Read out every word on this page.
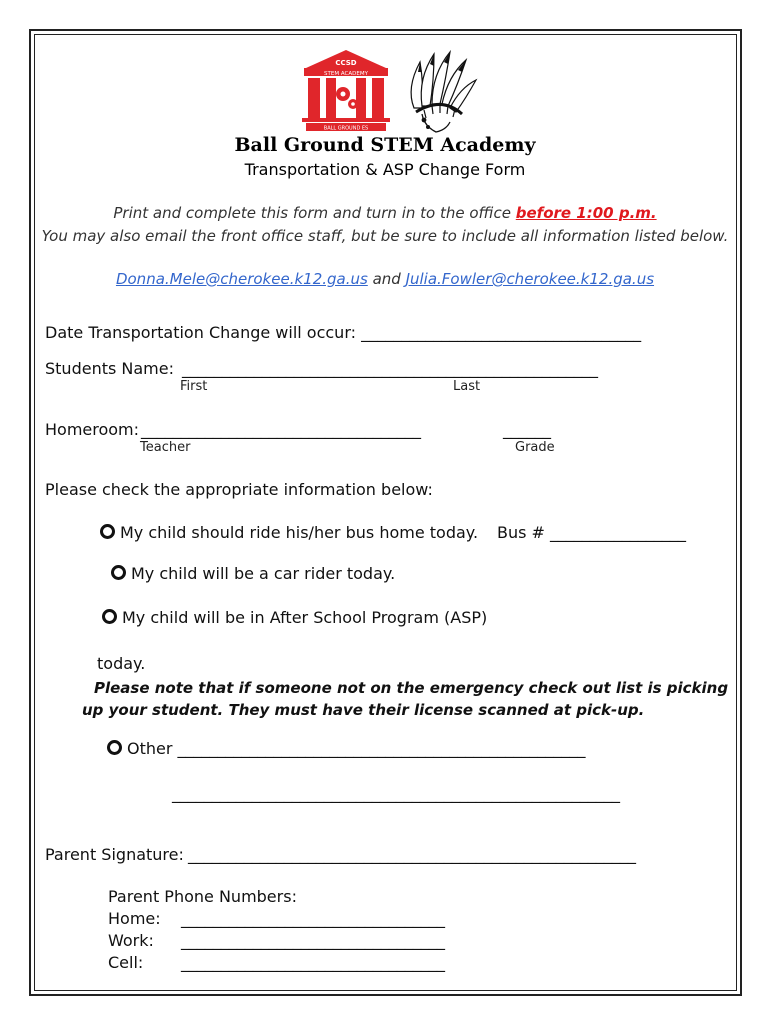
CCSD
STEM ACADEMY
BALL GROUND ES
Ball Ground STEM Academy
Transportation & ASP Change Form
Print and complete this form and turn in to the office before 1:00 p.m.
You may also email the front office staff, but be sure to include all information listed below.
Donna.Mele@cherokee.k12.ga.us and Julia.Fowler@cherokee.k12.ga.us
Date Transportation Change will occur: ___________________________________
Students Name: ____________________________________________________
First	Last
Homeroom: ___________________________________	______
Teacher	Grade
Please check the appropriate information below:
My child should ride his/her bus home today. Bus # _________________
My child will be a car rider today.
My child will be in After School Program (ASP)
today.
Please note that if someone not on the emergency check out list is picking
up your student. They must have their license scanned at pick-up.
Other ___________________________________________________
________________________________________________________
Parent Signature: ________________________________________________________
Parent Phone Numbers:
Home: _________________________________
Work: _________________________________
Cell: _________________________________
